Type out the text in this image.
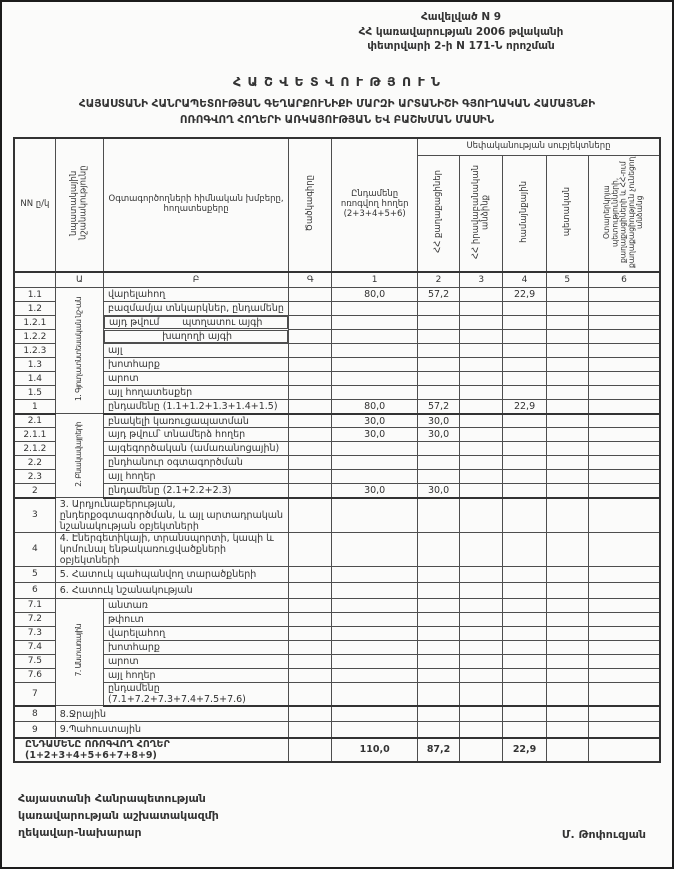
Հավելված N 9
ՀՀ կառավարության 2006 թվականի
փետրվարի 2-ի N 171-Ն որոշման
Հ Ա Շ Վ Ե Տ Վ Ո Ւ Թ Յ Ո Ւ Ն
ՀԱՅԱՍՏԱՆԻ ՀԱՆՐԱՊԵՏՈՒԹՅԱՆ ԳԵՂԱՐՔՈՒՆԻՔԻ ՄԱՐԶԻ ԱՐՏԱՆԻՇԻ ԳՅՈՒՂԱԿԱՆ ՀԱՄԱՅՆՔԻ
ՈՌՈԳՎՈՂ ՀՈՂԵՐԻ ԱՌԿԱՅՈՒԹՅԱՆ ԵՎ ԲԱՇԽՄԱՆ ՄԱՍԻՆ
NN ը/կ	նպատակային նշանակությունը	Օգտագործողների հիմնական խմբերը, հողատեսքերը	Ծածկագիրը	Ընդամենը ոռոգվող հողեր (2+3+4+5+6)	Սեփականության սուբյեկտները				
					ՀՀ քաղաքացիներ	ՀՀ իրավաբանական անձինք	համայնքային	պետական	Օտարերկրյա պետությունների, քաղաքացիների և ՀՀ-ում քաղաքացիություն չունեցող անձանց
	Ա	Բ	Գ	1	2	3	4	5	6
1.1	1. Գյուղատնտեսական նշ-ան	վարելահող		80,0	57,2		22,9		
1.2		բազմամյա տնկարկներ, ընդամենը							
1.2.1		այդ թվում	պտղատու այգի

1.2.2		խաղողի այգի

1.2.3		այլ							
1.3		խոտհարք							
1.4		արոտ							
1.5		այլ հողատեսքեր							
1		ընդամենը (1.1+1.2+1.3+1.4+1.5)		80,0	57,2		22,9		
2.1	2. Բնակավայրերի	բնակելի կառուցապատման		30,0	30,0				
2.1.1		այդ թվում՝ տնամերձ հողեր		30,0	30,0				
2.1.2		այգեգործական (ամառանոցային)							
2.2		ընդհանուր օգտագործման							
2.3		այլ հողեր							
2		ընդամենը (2.1+2.2+2.3)		30,0	30,0				
3	3. Արդյունաբերության, ընդերքօգտագործման, և այլ արտադրական նշանակության օբյեկտների								
4	4. Էներգետիկայի, տրանսպորտի, կապի և կոմունալ ենթակառուցվածքների օբյեկտների								
5	5. Հատուկ պահպանվող տարածքների								
6	6. Հատուկ նշանակության								
7.1	7. Անտառային	անտառ							
7.2		թփուտ							
7.3		վարելահող							
7.4		խոտհարք							
7.5		արոտ							
7.6		այլ հողեր							
7		ընդամենը (7.1+7.2+7.3+7.4+7.5+7.6)							
8	8.Ջրային								
9	9.Պահուստային								
ԸՆԴԱՄԵՆԸ ՈՌՈԳՎՈՂ ՀՈՂԵՐ (1+2+3+4+5+6+7+8+9)				110,0	87,2		22,9		
Հայաստանի Հանրապետության
կառավարության աշխատակազմի
ղեկավար-նախարար	Մ. Թոփուզյան
